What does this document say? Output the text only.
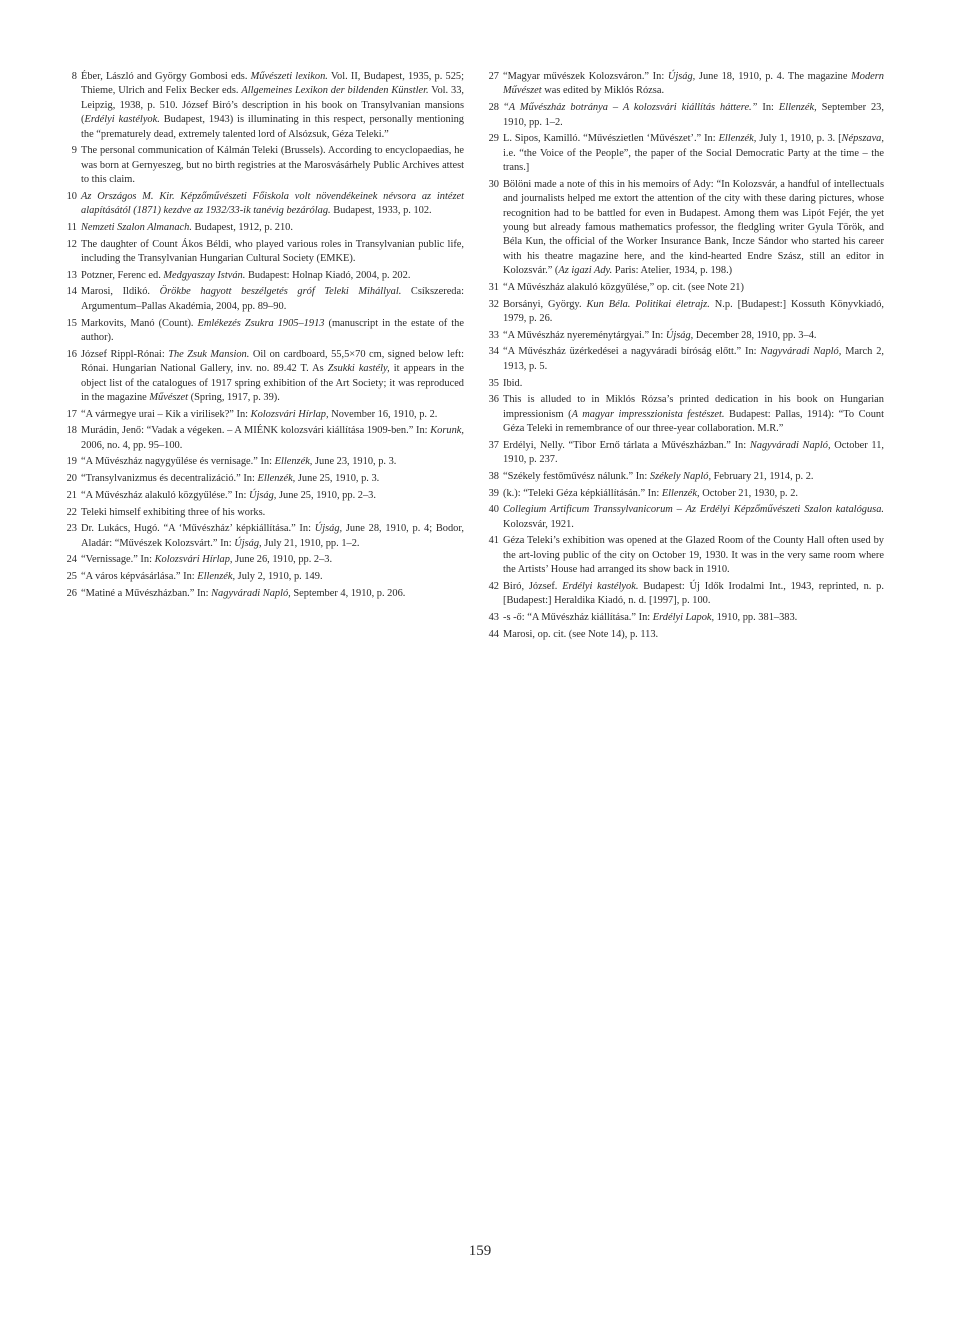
8 Éber, László and György Gombosi eds. Művészeti lexikon. Vol. II, Budapest, 1935, p. 525; Thieme, Ulrich and Felix Becker eds. Allgemeines Lexikon der bildenden Künstler. Vol. 33, Leipzig, 1938, p. 510. József Biró’s description in his book on Transylvanian mansions (Erdélyi kastélyok. Budapest, 1943) is illuminating in this respect, personally mentioning the “prematurely dead, extremely talented lord of Alsózsuk, Géza Teleki.”
9 The personal communication of Kálmán Teleki (Brussels). According to encyclopaedias, he was born at Gernyeszeg, but no birth registries at the Marosvásárhely Public Archives attest to this claim.
10 Az Országos M. Kir. Képzőművészeti Főiskola volt növendékeinek névsora az intézet alapításától (1871) kezdve az 1932/33-ik tanévig bezárólag. Budapest, 1933, p. 102.
11 Nemzeti Szalon Almanach. Budapest, 1912, p. 210.
12 The daughter of Count Ákos Béldi, who played various roles in Transylvanian public life, including the Transylvanian Hungarian Cultural Society (EMKE).
13 Potzner, Ferenc ed. Medgyaszay István. Budapest: Holnap Kiadó, 2004, p. 202.
14 Marosi, Ildikó. Örökbe hagyott beszélgetés gróf Teleki Mihállyal. Csíkszereda: Argumentum–Pallas Akadémia, 2004, pp. 89–90.
15 Markovits, Manó (Count). Emlékezés Zsukra 1905–1913 (manuscript in the estate of the author).
16 József Rippl-Rónai: The Zsuk Mansion. Oil on cardboard, 55,5×70 cm, signed below left: Rónai. Hungarian National Gallery, inv. no. 89.42 T. As Zsukki kastély, it appears in the object list of the catalogues of 1917 spring exhibition of the Art Society; it was reproduced in the magazine Művészet (Spring, 1917, p. 39).
17 “A vármegye urai – Kik a virilisek?” In: Kolozsvári Hírlap, November 16, 1910, p. 2.
18 Murádin, Jenő: “Vadak a végeken. – A MIÉNK kolozsvári kiállítása 1909-ben.” In: Korunk, 2006, no. 4, pp. 95–100.
19 “A Művészház nagygyűlése és vernisage.” In: Ellenzék, June 23, 1910, p. 3.
20 “Transylvanizmus és decentralizáció.” In: Ellenzék, June 25, 1910, p. 3.
21 “A Művészház alakuló közgyűlése.” In: Újság, June 25, 1910, pp. 2–3.
22 Teleki himself exhibiting three of his works.
23 Dr. Lukács, Hugó. “A ‘Művészház’ képkiállítása.” In: Újság, June 28, 1910, p. 4; Bodor, Aladár: “Művészek Kolozsvárt.” In: Újság, July 21, 1910, pp. 1–2.
24 “Vernissage.” In: Kolozsvári Hírlap, June 26, 1910, pp. 2–3.
25 “A város képvásárlása.” In: Ellenzék, July 2, 1910, p. 149.
26 “Matiné a Művészházban.” In: Nagyváradi Napló, September 4, 1910, p. 206.
27 “Magyar művészek Kolozsváron.” In: Újság, June 18, 1910, p. 4. The magazine Modern Művészet was edited by Miklós Rózsa.
28 “A Művészház botránya – A kolozsvári kiállítás háttere.” In: Ellenzék, September 23, 1910, pp. 1–2.
29 L. Sipos, Kamilló. “Művészietlen ‘Művészet’.” In: Ellenzék, July 1, 1910, p. 3. [Népszava, i.e. “the Voice of the People”, the paper of the Social Democratic Party at the time – the trans.]
30 Bölöni made a note of this in his memoirs of Ady: “In Kolozsvár, a handful of intellectuals and journalists helped me extort the attention of the city with these daring pictures, whose recognition had to be battled for even in Budapest. Among them was Lipót Fejér, the yet young but already famous mathematics professor, the fledgling writer Gyula Török, and Béla Kun, the official of the Worker Insurance Bank, Incze Sándor who started his career with his theatre magazine here, and the kind-hearted Endre Szász, still an editor in Kolozsvár.” (Az igazi Ady. Paris: Atelier, 1934, p. 198.)
31 “A Művészház alakuló közgyűlése,” op. cit. (see Note 21)
32 Borsányi, György. Kun Béla. Politikai életrajz. N.p. [Budapest:] Kossuth Könyvkiadó, 1979, p. 26.
33 “A Művészház nyereménytárgyai.” In: Újság, December 28, 1910, pp. 3–4.
34 “A Művészház üzérkedései a nagyváradi bíróság előtt.” In: Nagyváradi Napló, March 2, 1913, p. 5.
35 Ibid.
36 This is alluded to in Miklós Rózsa’s printed dedication in his book on Hungarian impressionism (A magyar impresszionista festészet. Budapest: Pallas, 1914): “To Count Géza Teleki in remembrance of our three-year collaboration. M.R.”
37 Erdélyi, Nelly. “Tibor Ernő tárlata a Művészházban.” In: Nagyváradi Napló, October 11, 1910, p. 237.
38 “Székely festőművész nálunk.” In: Székely Napló, February 21, 1914, p. 2.
39 (k.): “Teleki Géza képkiállításán.” In: Ellenzék, October 21, 1930, p. 2.
40 Collegium Artificum Transsylvanicorum – Az Erdélyi Képzőművészeti Szalon katalógusa. Kolozsvár, 1921.
41 Géza Teleki’s exhibition was opened at the Glazed Room of the County Hall often used by the art-loving public of the city on October 19, 1930. It was in the very same room where the Artists’ House had arranged its show back in 1910.
42 Biró, József. Erdélyi kastélyok. Budapest: Új Idők Irodalmi Int., 1943, reprinted, n. p. [Budapest:] Heraldika Kiadó, n. d. [1997], p. 100.
43 -s -ő: “A Művészház kiállítása.” In: Erdélyi Lapok, 1910, pp. 381–383.
44 Marosi, op. cit. (see Note 14), p. 113.
159
